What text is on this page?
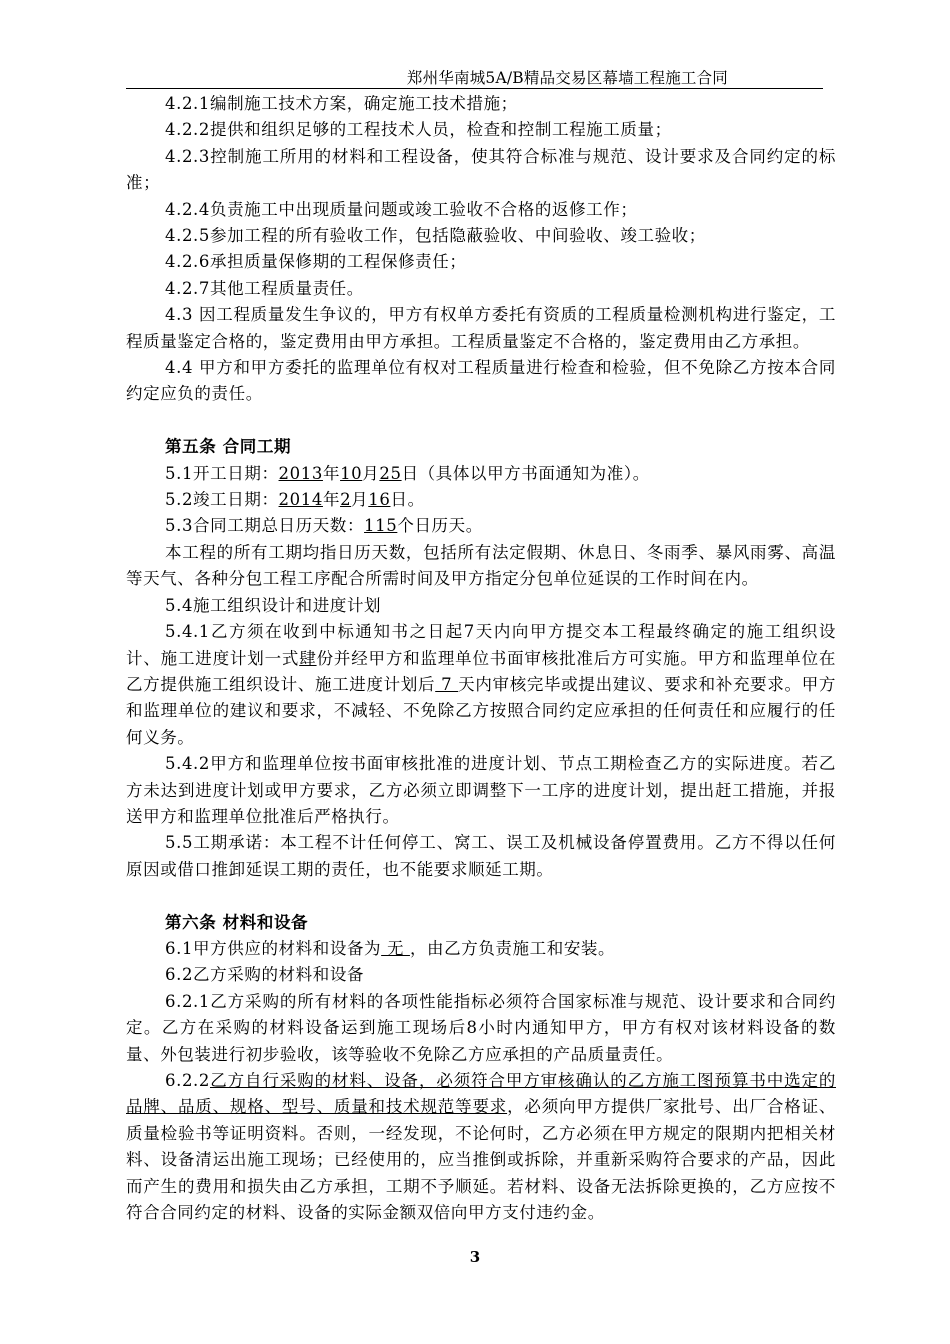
郑州华南城5A/B精品交易区幕墙工程施工合同

4.2.1编制施工技术方案，确定施工技术措施；

4.2.2提供和组织足够的工程技术人员，检查和控制工程施工质量；

4.2.3控制施工所用的材料和工程设备，使其符合标准与规范、设计要求及合同约定的标准；

4.2.4负责施工中出现质量问题或竣工验收不合格的返修工作；

4.2.5参加工程的所有验收工作，包括隐蔽验收、中间验收、竣工验收；

4.2.6承担质量保修期的工程保修责任；

4.2.7其他工程质量责任。

4.3 因工程质量发生争议的，甲方有权单方委托有资质的工程质量检测机构进行鉴定，工程质量鉴定合格的，鉴定费用由甲方承担。工程质量鉴定不合格的，鉴定费用由乙方承担。

4.4 甲方和甲方委托的监理单位有权对工程质量进行检查和检验，但不免除乙方按本合同约定应负的责任。

第五条 合同工期

5.1开工日期：2013年10月25日（具体以甲方书面通知为准）。

5.2竣工日期：2014年2月16日。

5.3合同工期总日历天数：115个日历天。

本工程的所有工期均指日历天数，包括所有法定假期、休息日、冬雨季、暴风雨雾、高温等天气、各种分包工程工序配合所需时间及甲方指定分包单位延误的工作时间在内。

5.4施工组织设计和进度计划

5.4.1乙方须在收到中标通知书之日起7天内向甲方提交本工程最终确定的施工组织设计、施工进度计划一式肆份并经甲方和监理单位书面审核批准后方可实施。甲方和监理单位在乙方提供施工组织设计、施工进度计划后 7 天内审核完毕或提出建议、要求和补充要求。甲方和监理单位的建议和要求，不减轻、不免除乙方按照合同约定应承担的任何责任和应履行的任何义务。

5.4.2甲方和监理单位按书面审核批准的进度计划、节点工期检查乙方的实际进度。若乙方未达到进度计划或甲方要求，乙方必须立即调整下一工序的进度计划，提出赶工措施，并报送甲方和监理单位批准后严格执行。

5.5工期承诺：本工程不计任何停工、窝工、误工及机械设备停置费用。乙方不得以任何原因或借口推卸延误工期的责任，也不能要求顺延工期。

第六条 材料和设备

6.1甲方供应的材料和设备为 无 ，由乙方负责施工和安装。

6.2乙方采购的材料和设备

6.2.1乙方采购的所有材料的各项性能指标必须符合国家标准与规范、设计要求和合同约定。乙方在采购的材料设备运到施工现场后8小时内通知甲方，甲方有权对该材料设备的数量、外包装进行初步验收，该等验收不免除乙方应承担的产品质量责任。

6.2.2乙方自行采购的材料、设备，必须符合甲方审核确认的乙方施工图预算书中选定的品牌、品质、规格、型号、质量和技术规范等要求，必须向甲方提供厂家批号、出厂合格证、质量检验书等证明资料。否则，一经发现，不论何时，乙方必须在甲方规定的限期内把相关材料、设备清运出施工现场；已经使用的，应当推倒或拆除，并重新采购符合要求的产品，因此而产生的费用和损失由乙方承担，工期不予顺延。若材料、设备无法拆除更换的，乙方应按不符合合同约定的材料、设备的实际金额双倍向甲方支付违约金。

3
